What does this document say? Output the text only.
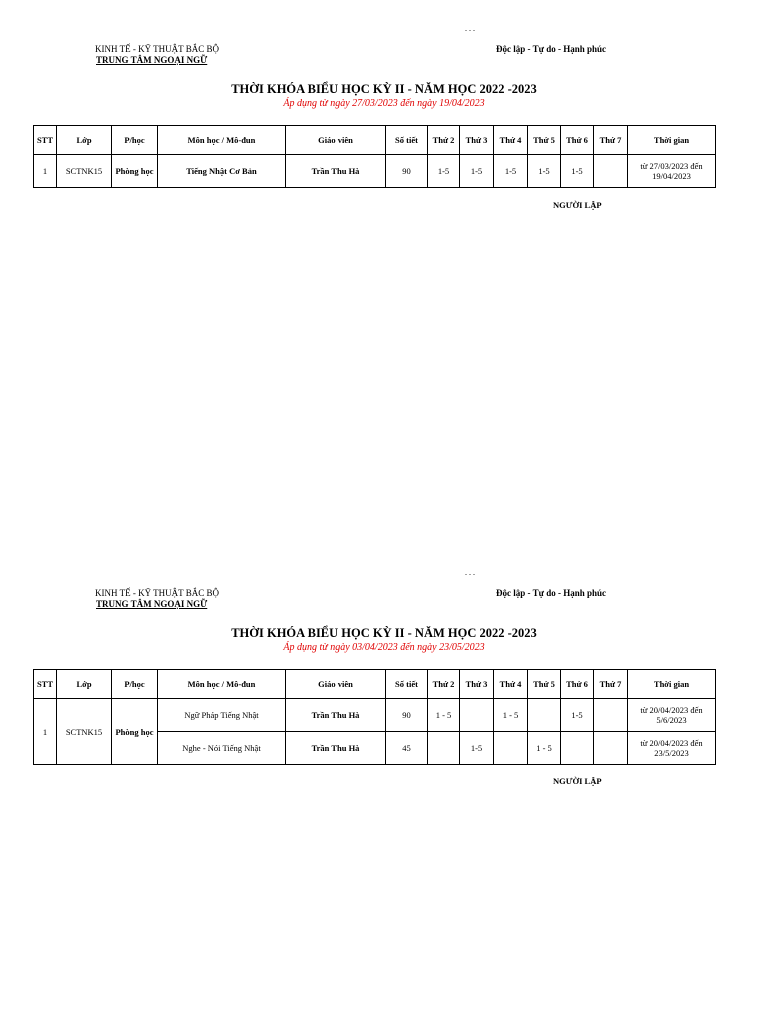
. . .
KINH TẾ - KỸ THUẬT BẮC BỘ
TRUNG TÂM NGOẠI NGỮ
Độc lập - Tự do - Hạnh phúc
THỜI KHÓA BIỂU HỌC KỲ II - NĂM HỌC 2022 -2023
Áp dụng từ ngày 27/03/2023 đến ngày 19/04/2023
STT	Lớp	P/học	Môn học / Mô-đun	Giáo viên	Số tiết	Thứ 2	Thứ 3	Thứ 4	Thứ 5	Thứ 6	Thứ 7	Thời gian
1	SCTNK15	Phòng học	Tiếng Nhật Cơ Bản	Trần Thu Hà	90	1-5	1-5	1-5	1-5	1-5		từ 27/03/2023 đến 19/04/2023
NGƯỜI LẬP
. . .
KINH TẾ - KỸ THUẬT BẮC BỘ
TRUNG TÂM NGOẠI NGỮ
Độc lập - Tự do - Hạnh phúc
THỜI KHÓA BIỂU HỌC KỲ II - NĂM HỌC 2022 -2023
Áp dụng từ ngày 03/04/2023 đến ngày 23/05/2023
STT	Lớp	P/học	Môn học / Mô-đun	Giáo viên	Số tiết	Thứ 2	Thứ 3	Thứ 4	Thứ 5	Thứ 6	Thứ 7	Thời gian
1	SCTNK15	Phòng học	Ngữ Pháp Tiếng Nhật	Trần Thu Hà	90	1 - 5		1 - 5		1-5		từ 20/04/2023 đến 5/6/2023
			Nghe - Nói Tiếng Nhật	Trần Thu Hà	45		1-5		1 - 5			từ 20/04/2023 đến 23/5/2023
NGƯỜI LẬP
